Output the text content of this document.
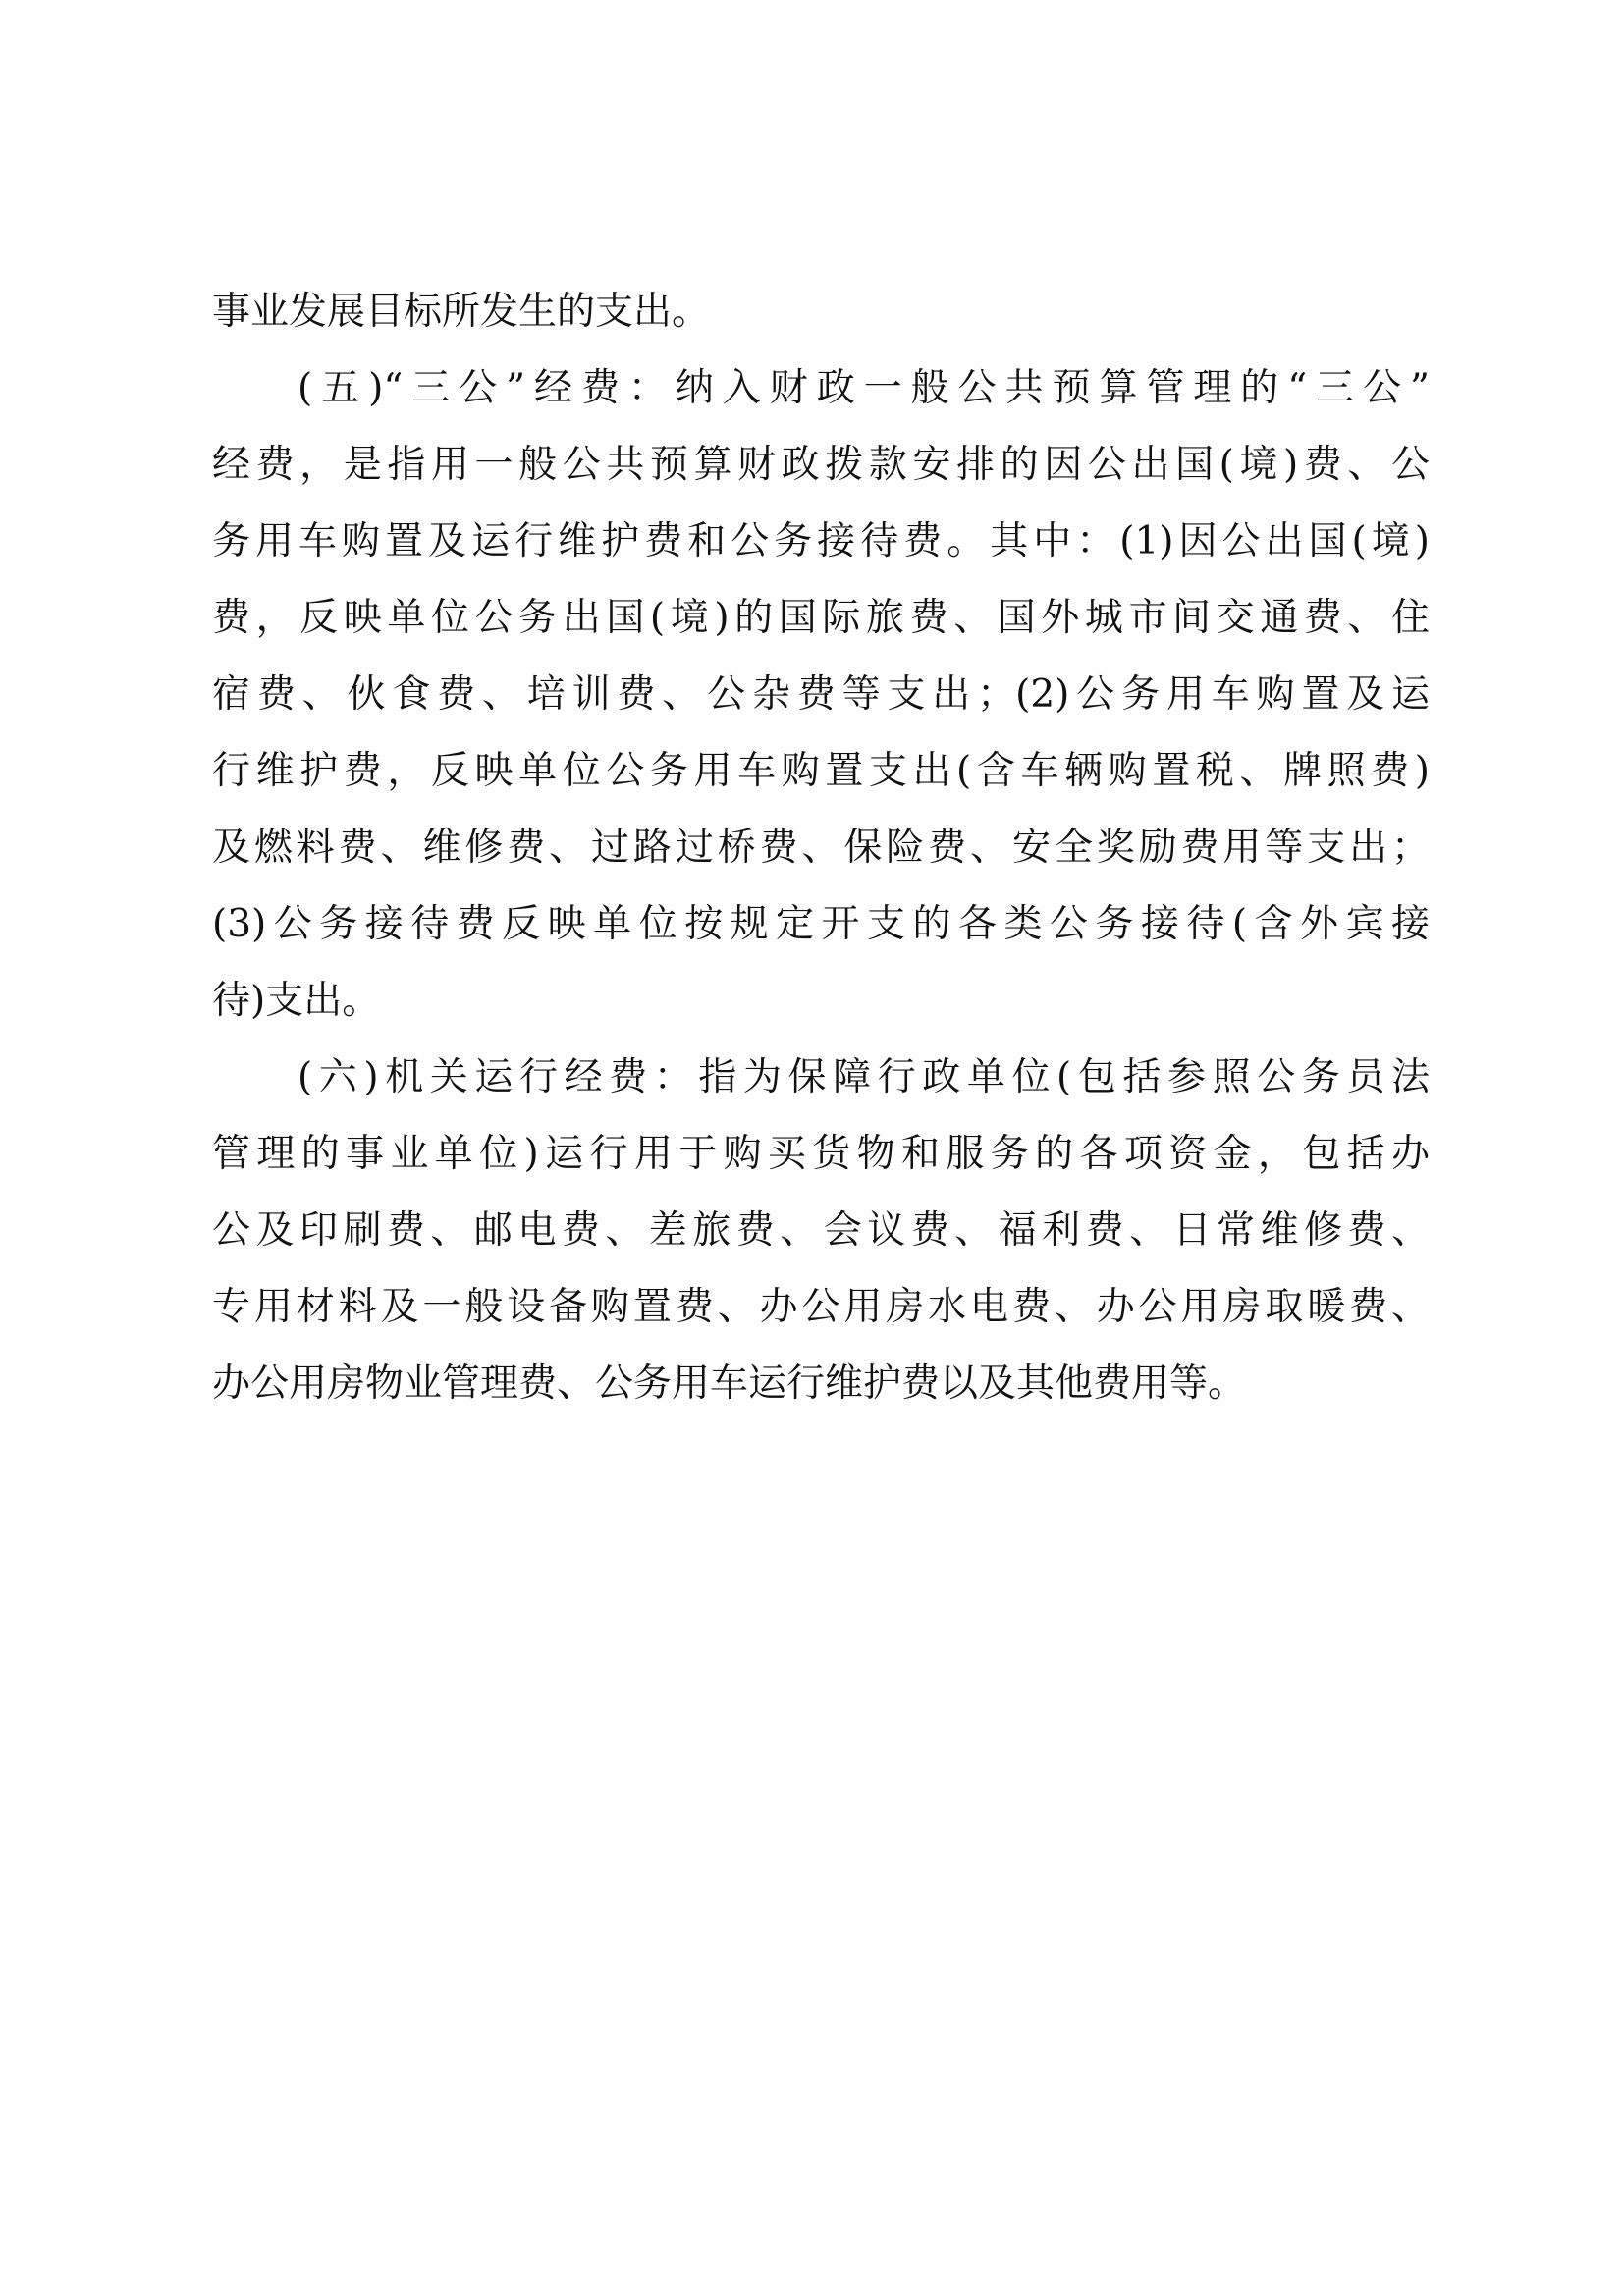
事业发展目标所发生的支出。
(五)“三公”经费：纳入财政一般公共预算管理的“三公”
经费，是指用一般公共预算财政拨款安排的因公出国(境)费、公
务用车购置及运行维护费和公务接待费。其中：(1)因公出国(境)
费，反映单位公务出国(境)的国际旅费、国外城市间交通费、住
宿费、伙食费、培训费、公杂费等支出；(2)公务用车购置及运
行维护费，反映单位公务用车购置支出(含车辆购置税、牌照费)
及燃料费、维修费、过路过桥费、保险费、安全奖励费用等支出；
(3)公务接待费反映单位按规定开支的各类公务接待(含外宾接
待)支出。
(六)机关运行经费：指为保障行政单位(包括参照公务员法
管理的事业单位)运行用于购买货物和服务的各项资金，包括办
公及印刷费、邮电费、差旅费、会议费、福利费、日常维修费、
专用材料及一般设备购置费、办公用房水电费、办公用房取暖费、
办公用房物业管理费、公务用车运行维护费以及其他费用等。
